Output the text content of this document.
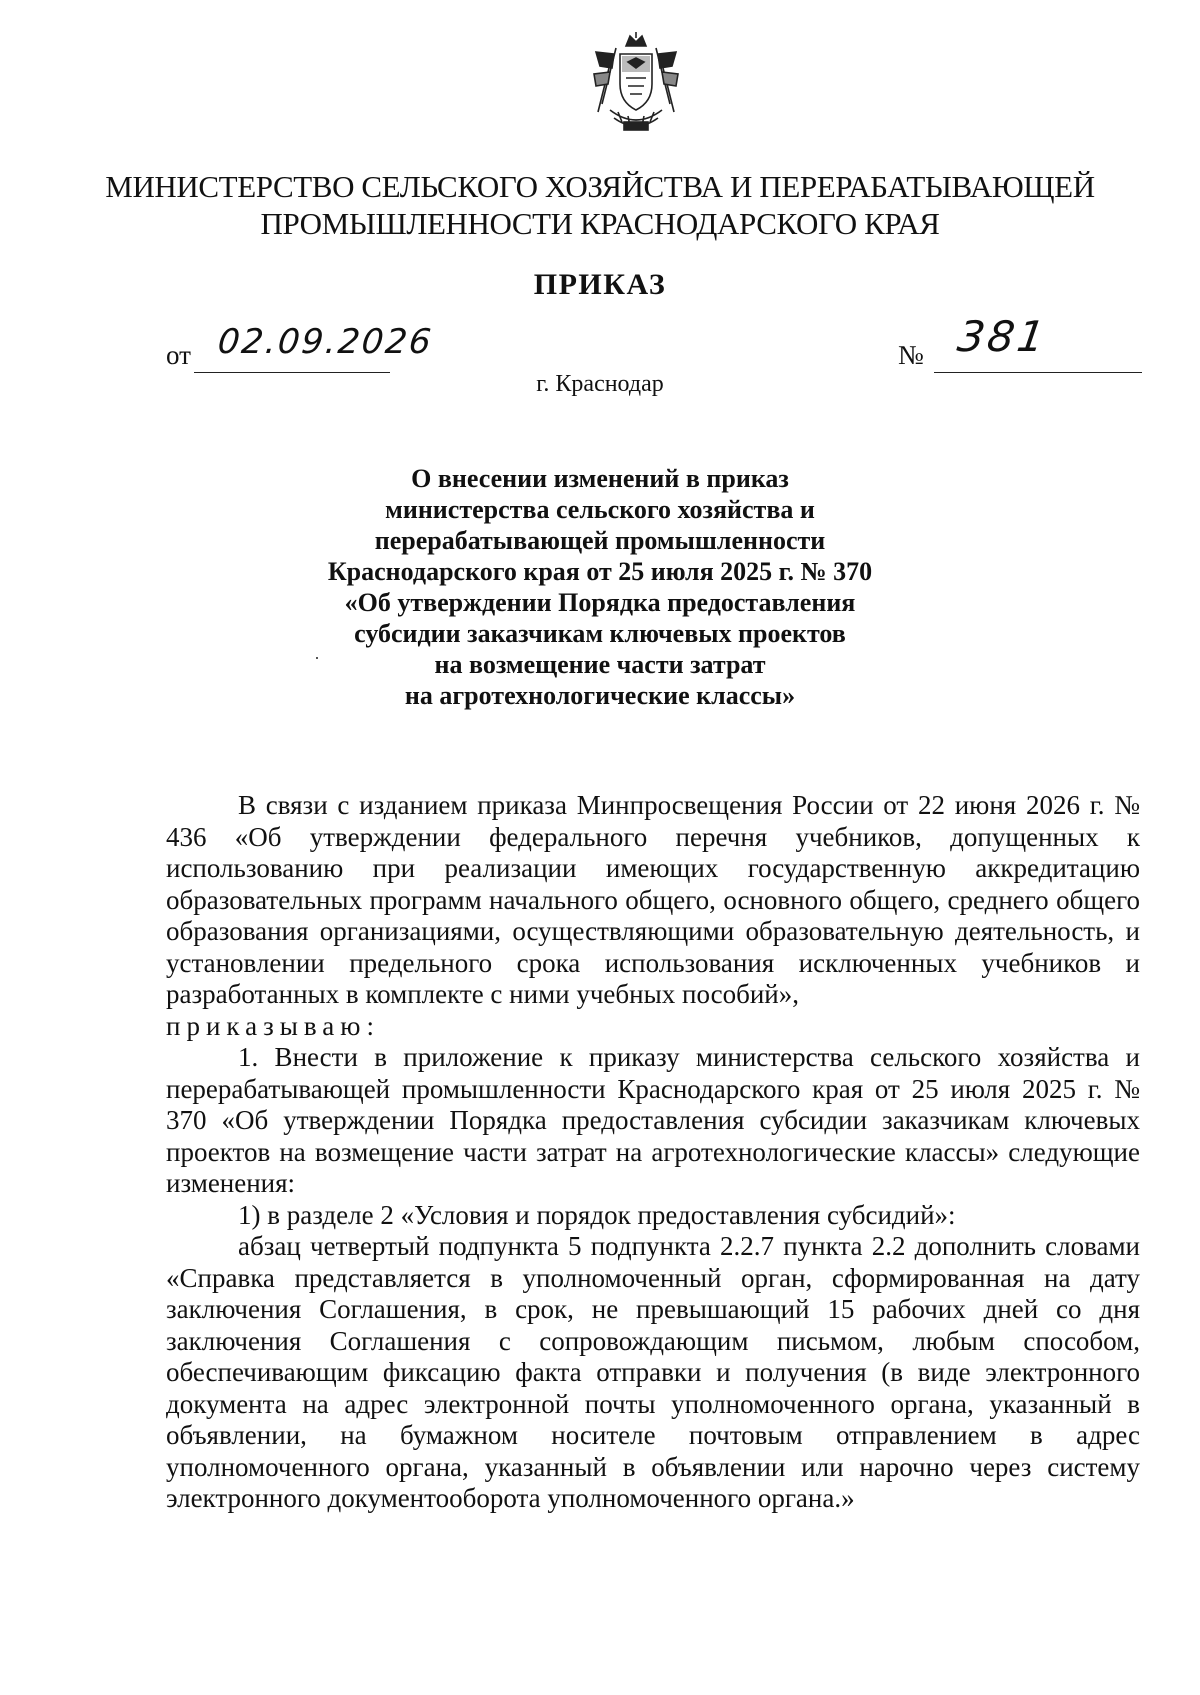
МИНИСТЕРСТВО СЕЛЬСКОГО ХОЗЯЙСТВА И ПЕРЕРАБАТЫВАЮЩЕЙ
ПРОМЫШЛЕННОСТИ КРАСНОДАРСКОГО КРАЯ
ПРИКАЗ
от 02.09.2026	№ 381
г. Краснодар
О внесении изменений в приказ
министерства сельского хозяйства и
перерабатывающей промышленности
Краснодарского края от 25 июля 2025 г. № 370
«Об утверждении Порядка предоставления
субсидии заказчикам ключевых проектов
на возмещение части затрат
на агротехнологические классы»

В связи с изданием приказа Минпросвещения России от 22 июня 2026 г. № 436 «Об утверждении федерального перечня учебников, допущенных к использованию при реализации имеющих государственную аккредитацию образовательных программ начального общего, основного общего, среднего общего образования организациями, осуществляющими образовательную деятельность, и установлении предельного срока использования исключенных учебников и разработанных в комплекте с ними учебных пособий»,

приказываю:

1. Внести в приложение к приказу министерства сельского хозяйства и перерабатывающей промышленности Краснодарского края от 25 июля 2025 г. № 370 «Об утверждении Порядка предоставления субсидии заказчикам ключевых проектов на возмещение части затрат на агротехнологические классы» следующие изменения:

1) в разделе 2 «Условия и порядок предоставления субсидий»:

абзац четвертый подпункта 5 подпункта 2.2.7 пункта 2.2 дополнить словами «Справка представляется в уполномоченный орган, сформированная на дату заключения Соглашения, в срок, не превышающий 15 рабочих дней со дня заключения Соглашения с сопровождающим письмом, любым способом, обеспечивающим фиксацию факта отправки и получения (в виде электронного документа на адрес электронной почты уполномоченного органа, указанный в объявлении, на бумажном носителе почтовым отправлением в адрес уполномоченного органа, указанный в объявлении или нарочно через систему электронного документооборота уполномоченного органа.»
